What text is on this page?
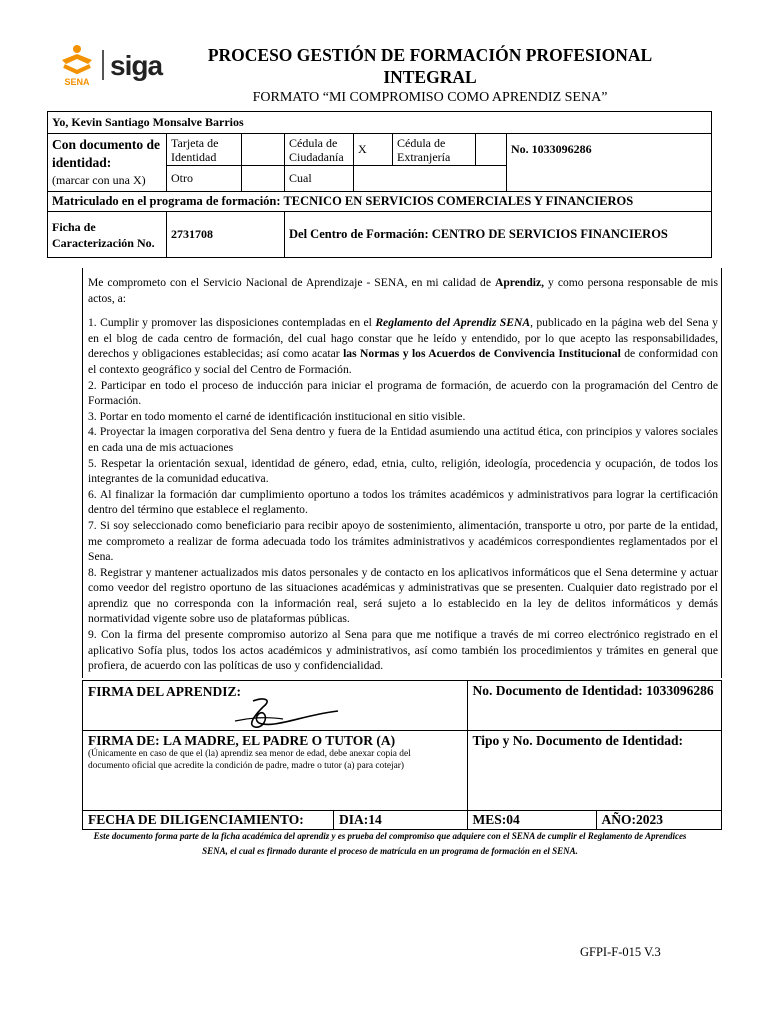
SENA
siga	PROCESO GESTIÓN DE FORMACIÓN PROFESIONAL INTEGRAL
FORMATO “MI COMPROMISO COMO APRENDIZ SENA”
Yo, Kevin Santiago Monsalve Barrios							
Con documento de identidad:
(marcar con una X)	Tarjeta de Identidad		Cédula de Ciudadanía	X	Cédula de Extranjería		No. 1033096286
	Otro		Cual				
Matriculado en el programa de formación: TECNICO EN SERVICIOS COMERCIALES Y FINANCIEROS							
Ficha de Caracterización No.	2731708		Del Centro de Formación: CENTRO DE SERVICIOS FINANCIEROS				

Me comprometo con el Servicio Nacional de Aprendizaje - SENA, en mi calidad de Aprendiz, y como persona responsable de mis actos, a:

1. Cumplir y promover las disposiciones contempladas en el Reglamento del Aprendiz SENA, publicado en la página web del Sena y en el blog de cada centro de formación, del cual hago constar que he leído y entendido, por lo que acepto las responsabilidades, derechos y obligaciones establecidas; así como acatar las Normas y los Acuerdos de Convivencia Institucional de conformidad con el contexto geográfico y social del Centro de Formación.

2. Participar en todo el proceso de inducción para iniciar el programa de formación, de acuerdo con la programación del Centro de Formación.

3. Portar en todo momento el carné de identificación institucional en sitio visible.

4. Proyectar la imagen corporativa del Sena dentro y fuera de la Entidad asumiendo una actitud ética, con principios y valores sociales en cada una de mis actuaciones

5. Respetar la orientación sexual, identidad de género, edad, etnia, culto, religión, ideología, procedencia y ocupación, de todos los integrantes de la comunidad educativa.

6. Al finalizar la formación dar cumplimiento oportuno a todos los trámites académicos y administrativos para lograr la certificación dentro del término que establece el reglamento.

7. Si soy seleccionado como beneficiario para recibir apoyo de sostenimiento, alimentación, transporte u otro, por parte de la entidad, me comprometo a realizar de forma adecuada todo los trámites administrativos y académicos correspondientes reglamentados por el Sena.

8. Registrar y mantener actualizados mis datos personales y de contacto en los aplicativos informáticos que el Sena determine y actuar como veedor del registro oportuno de las situaciones académicas y administrativas que se presenten. Cualquier dato registrado por el aprendiz que no corresponda con la información real, será sujeto a lo establecido en la ley de delitos informáticos y demás normatividad vigente sobre uso de plataformas públicas.

9. Con la firma del presente compromiso autorizo al Sena para que me notifique a través de mi correo electrónico registrado en el aplicativo Sofía plus, todos los actos académicos y administrativos, así como también los procedimientos y trámites en general que profiera, de acuerdo con las políticas de uso y confidencialidad.

FIRMA DEL APRENDIZ:		No. Documento de Identidad: 1033096286	

FIRMA DE: LA MADRE, EL PADRE O TUTOR (A)
(Únicamente en caso de que el (la) aprendiz sea menor de edad, debe anexar copia del documento oficial que acredite la condición de padre, madre o tutor (a) para cotejar)		Tipo y No. Documento de Identidad:	
FECHA DE DILIGENCIAMIENTO:	DIA:14	MES:04	AÑO:2023
Este documento forma parte de la ficha académica del aprendiz y es prueba del compromiso que adquiere con el SENA de cumplir el Reglamento de Aprendices SENA, el cual es firmado durante el proceso de matrícula en un programa de formación en el SENA.
GFPI-F-015 V.3
